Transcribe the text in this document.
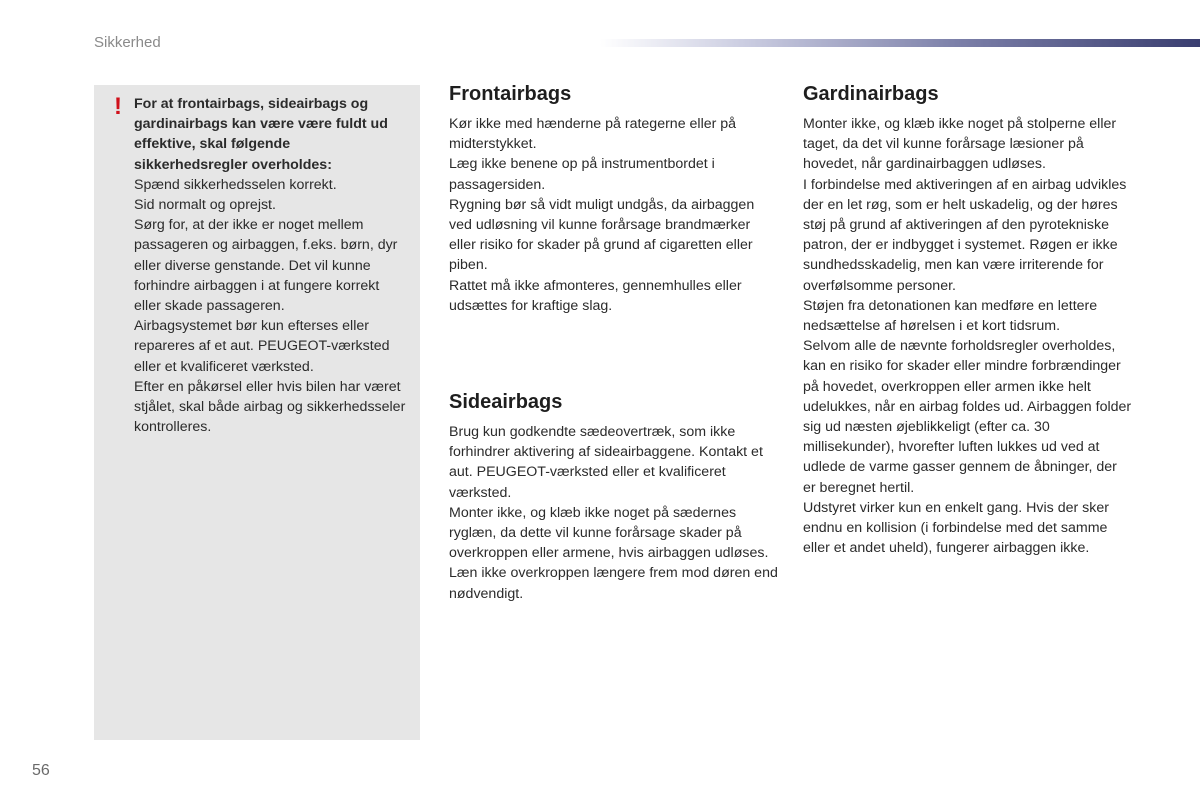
Sikkerhed
! For at frontairbags, sideairbags og gardinairbags kan være være fuldt ud effektive, skal følgende sikkerhedsregler overholdes:

Spænd sikkerhedsselen korrekt.

Sid normalt og oprejst.

Sørg for, at der ikke er noget mellem passageren og airbaggen, f.eks. børn, dyr eller diverse genstande. Det vil kunne forhindre airbaggen i at fungere korrekt eller skade passageren.

Airbagsystemet bør kun efterses eller repareres af et aut. PEUGEOT-værksted eller et kvalificeret værksted.

Efter en påkørsel eller hvis bilen har været stjålet, skal både airbag og sikkerhedsseler kontrolleres.

Frontairbags

Kør ikke med hænderne på rategerne eller på midterstykket.

Læg ikke benene op på instrumentbordet i passagersiden.

Rygning bør så vidt muligt undgås, da airbaggen ved udløsning vil kunne forårsage brandmærker eller risiko for skader på grund af cigaretten eller piben.

Rattet må ikke afmonteres, gennemhulles eller udsættes for kraftige slag.

Sideairbags

Brug kun godkendte sædeovertræk, som ikke forhindrer aktivering af sideairbaggene. Kontakt et aut. PEUGEOT-værksted eller et kvalificeret værksted.

Monter ikke, og klæb ikke noget på sædernes ryglæn, da dette vil kunne forårsage skader på overkroppen eller armene, hvis airbaggen udløses.

Læn ikke overkroppen længere frem mod døren end nødvendigt.

Gardinairbags

Monter ikke, og klæb ikke noget på stolperne eller taget, da det vil kunne forårsage læsioner på hovedet, når gardinairbaggen udløses.

I forbindelse med aktiveringen af en airbag udvikles der en let røg, som er helt uskadelig, og der høres støj på grund af aktiveringen af den pyrotekniske patron, der er indbygget i systemet. Røgen er ikke sundhedsskadelig, men kan være irriterende for overfølsomme personer.

Støjen fra detonationen kan medføre en lettere nedsættelse af hørelsen i et kort tidsrum.

Selvom alle de nævnte forholdsregler overholdes, kan en risiko for skader eller mindre forbrændinger på hovedet, overkroppen eller armen ikke helt udelukkes, når en airbag foldes ud. Airbaggen folder sig ud næsten øjeblikkeligt (efter ca. 30 millisekunder), hvorefter luften lukkes ud ved at udlede de varme gasser gennem de åbninger, der er beregnet hertil.

Udstyret virker kun en enkelt gang. Hvis der sker endnu en kollision (i forbindelse med det samme eller et andet uheld), fungerer airbaggen ikke.

56
